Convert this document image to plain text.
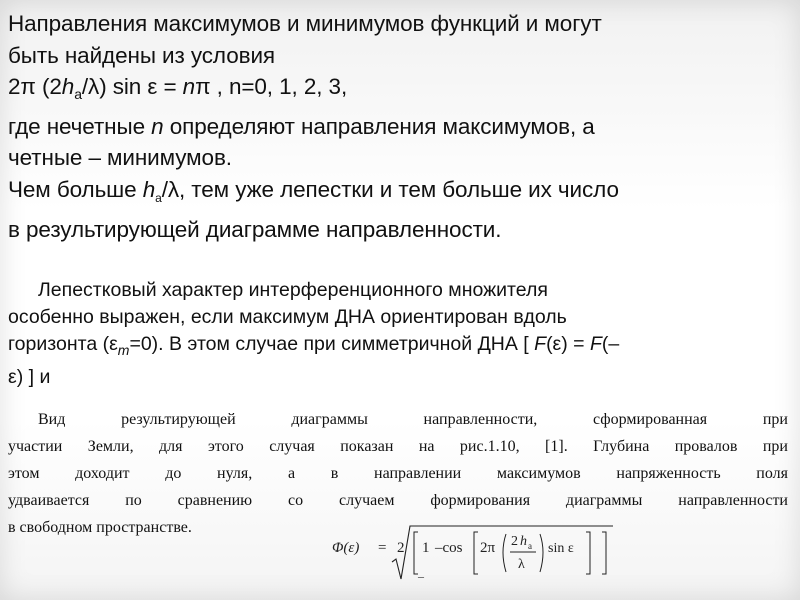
Направления максимумов и минимумов функций и могут
быть найдены из условия
2π $(2h_a/\lambda)$ sin ε = nπ , n=0, 1, 2, 3,
где нечетные n определяют направления максимумов, а
четные – минимумов.
Чем больше $h_a/\lambda$, тем уже лепестки и тем больше их число
в результирующей диаграмме направленности.
Лепестковый характер интерференционного множителя
особенно выражен, если максимум ДНА ориентирован вдоль
горизонта $(\varepsilon_m=0)$. В этом случае при симметричной ДНА [ F(ε) = F(–
ε) ] и
Вид результирующей диаграммы направленности, сформированная при
участии Земли, для этого случая показан на рис.1.10, [1]. Глубина провалов при
этом доходит до нуля, а в направлении максимумов напряженность поля
удваивается по сравнению со случаем формирования диаграммы направленности
в свободном пространстве.
Φ(ε) = 2 1 –cos 2π 2 h a
λ
sin ε
–
